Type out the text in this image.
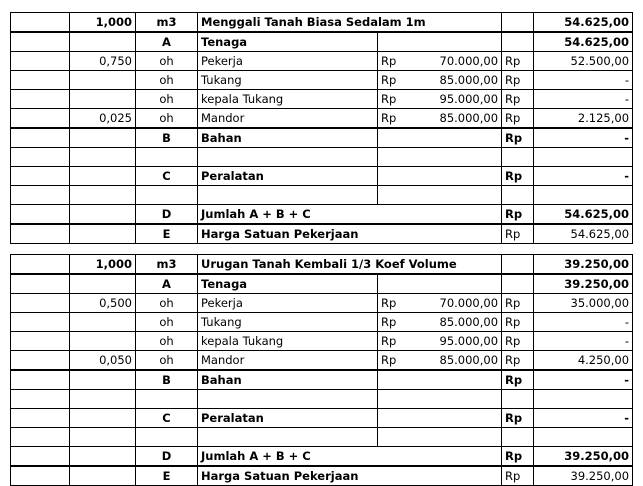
	1,000	m3	Menggali Tanah Biasa Sedalam 1m				54.625,00
		A	Tenaga				54.625,00
	0,750	oh	Pekerja	Rp	70.000,00	Rp	52.500,00
		oh	Tukang	Rp	85.000,00	Rp	-
		oh	kepala Tukang	Rp	95.000,00	Rp	-
	0,025	oh	Mandor	Rp	85.000,00	Rp	2.125,00
		B	Bahan			Rp	-

		C	Peralatan			Rp	-

		D	Jumlah A + B + C			Rp	54.625,00
		E	Harga Satuan Pekerjaan			Rp	54.625,00
	1,000	m3	Urugan Tanah Kembali 1/3 Koef Volume				39.250,00
		A	Tenaga				39.250,00
	0,500	oh	Pekerja	Rp	70.000,00	Rp	35.000,00
		oh	Tukang	Rp	85.000,00	Rp	-
		oh	kepala Tukang	Rp	95.000,00	Rp	-
	0,050	oh	Mandor	Rp	85.000,00	Rp	4.250,00
		B	Bahan			Rp	-

		C	Peralatan			Rp	-

		D	Jumlah A + B + C			Rp	39.250,00
		E	Harga Satuan Pekerjaan			Rp	39.250,00
